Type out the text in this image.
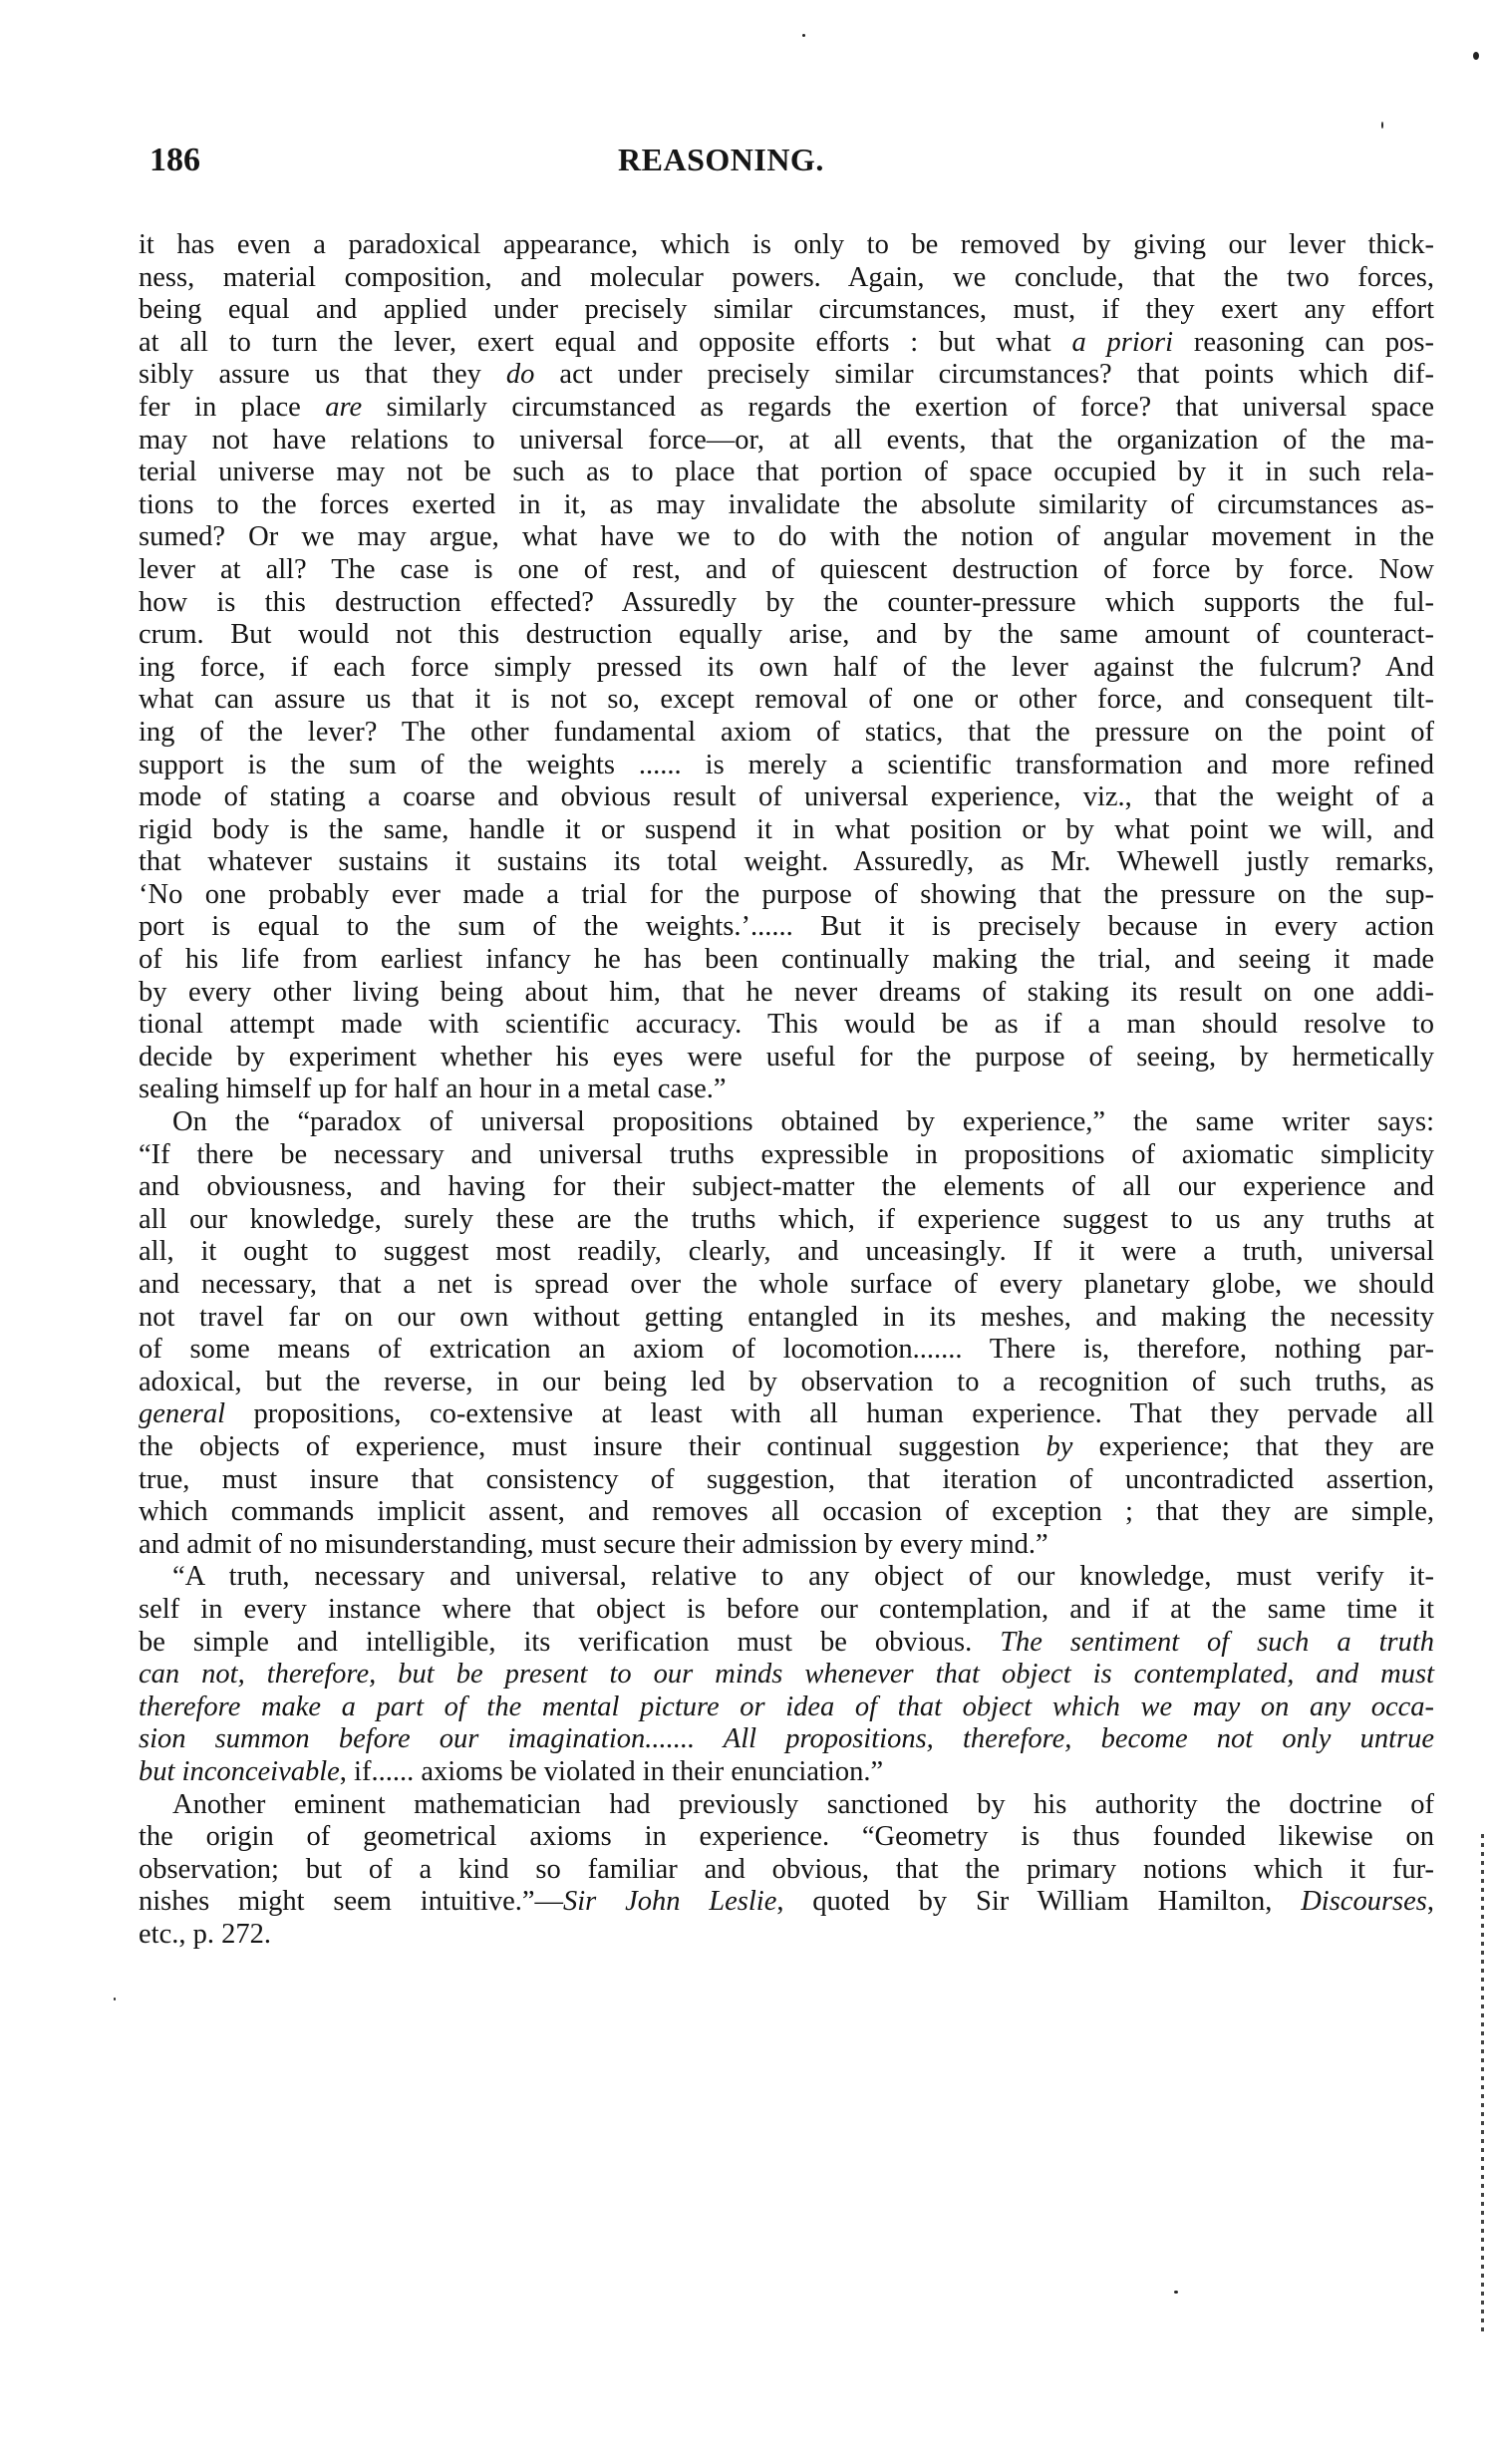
186	REASONING.
it has even a paradoxical appearance, which is only to be removed by giving our lever thick-
ness, material composition, and molecular powers. Again, we conclude, that the two forces,
being equal and applied under precisely similar circumstances, must, if they exert any effort
at all to turn the lever, exert equal and opposite efforts : but what a priori reasoning can pos-
sibly assure us that they do act under precisely similar circumstances? that points which dif-
fer in place are similarly circumstanced as regards the exertion of force? that universal space
may not have relations to universal force—or, at all events, that the organization of the ma-
terial universe may not be such as to place that portion of space occupied by it in such rela-
tions to the forces exerted in it, as may invalidate the absolute similarity of circumstances as-
sumed? Or we may argue, what have we to do with the notion of angular movement in the
lever at all? The case is one of rest, and of quiescent destruction of force by force. Now
how is this destruction effected? Assuredly by the counter-pressure which supports the ful-
crum. But would not this destruction equally arise, and by the same amount of counteract-
ing force, if each force simply pressed its own half of the lever against the fulcrum? And
what can assure us that it is not so, except removal of one or other force, and consequent tilt-
ing of the lever? The other fundamental axiom of statics, that the pressure on the point of
support is the sum of the weights ...... is merely a scientific transformation and more refined
mode of stating a coarse and obvious result of universal experience, viz., that the weight of a
rigid body is the same, handle it or suspend it in what position or by what point we will, and
that whatever sustains it sustains its total weight. Assuredly, as Mr. Whewell justly remarks,
‘No one probably ever made a trial for the purpose of showing that the pressure on the sup-
port is equal to the sum of the weights.’...... But it is precisely because in every action
of his life from earliest infancy he has been continually making the trial, and seeing it made
by every other living being about him, that he never dreams of staking its result on one addi-
tional attempt made with scientific accuracy. This would be as if a man should resolve to
decide by experiment whether his eyes were useful for the purpose of seeing, by hermetically
sealing himself up for half an hour in a metal case.”
On the “paradox of universal propositions obtained by experience,” the same writer says:
“If there be necessary and universal truths expressible in propositions of axiomatic simplicity
and obviousness, and having for their subject-matter the elements of all our experience and
all our knowledge, surely these are the truths which, if experience suggest to us any truths at
all, it ought to suggest most readily, clearly, and unceasingly. If it were a truth, universal
and necessary, that a net is spread over the whole surface of every planetary globe, we should
not travel far on our own without getting entangled in its meshes, and making the necessity
of some means of extrication an axiom of locomotion....... There is, therefore, nothing par-
adoxical, but the reverse, in our being led by observation to a recognition of such truths, as
general propositions, co-extensive at least with all human experience. That they pervade all
the objects of experience, must insure their continual suggestion by experience; that they are
true, must insure that consistency of suggestion, that iteration of uncontradicted assertion,
which commands implicit assent, and removes all occasion of exception ; that they are simple,
and admit of no misunderstanding, must secure their admission by every mind.”
“A truth, necessary and universal, relative to any object of our knowledge, must verify it-
self in every instance where that object is before our contemplation, and if at the same time it
be simple and intelligible, its verification must be obvious. The sentiment of such a truth
can not, therefore, but be present to our minds whenever that object is contemplated, and must
therefore make a part of the mental picture or idea of that object which we may on any occa-
sion summon before our imagination....... All propositions, therefore, become not only untrue
but inconceivable, if...... axioms be violated in their enunciation.”
Another eminent mathematician had previously sanctioned by his authority the doctrine of
the origin of geometrical axioms in experience. “Geometry is thus founded likewise on
observation; but of a kind so familiar and obvious, that the primary notions which it fur-
nishes might seem intuitive.”—Sir John Leslie, quoted by Sir William Hamilton, Discourses,
etc., p. 272.
